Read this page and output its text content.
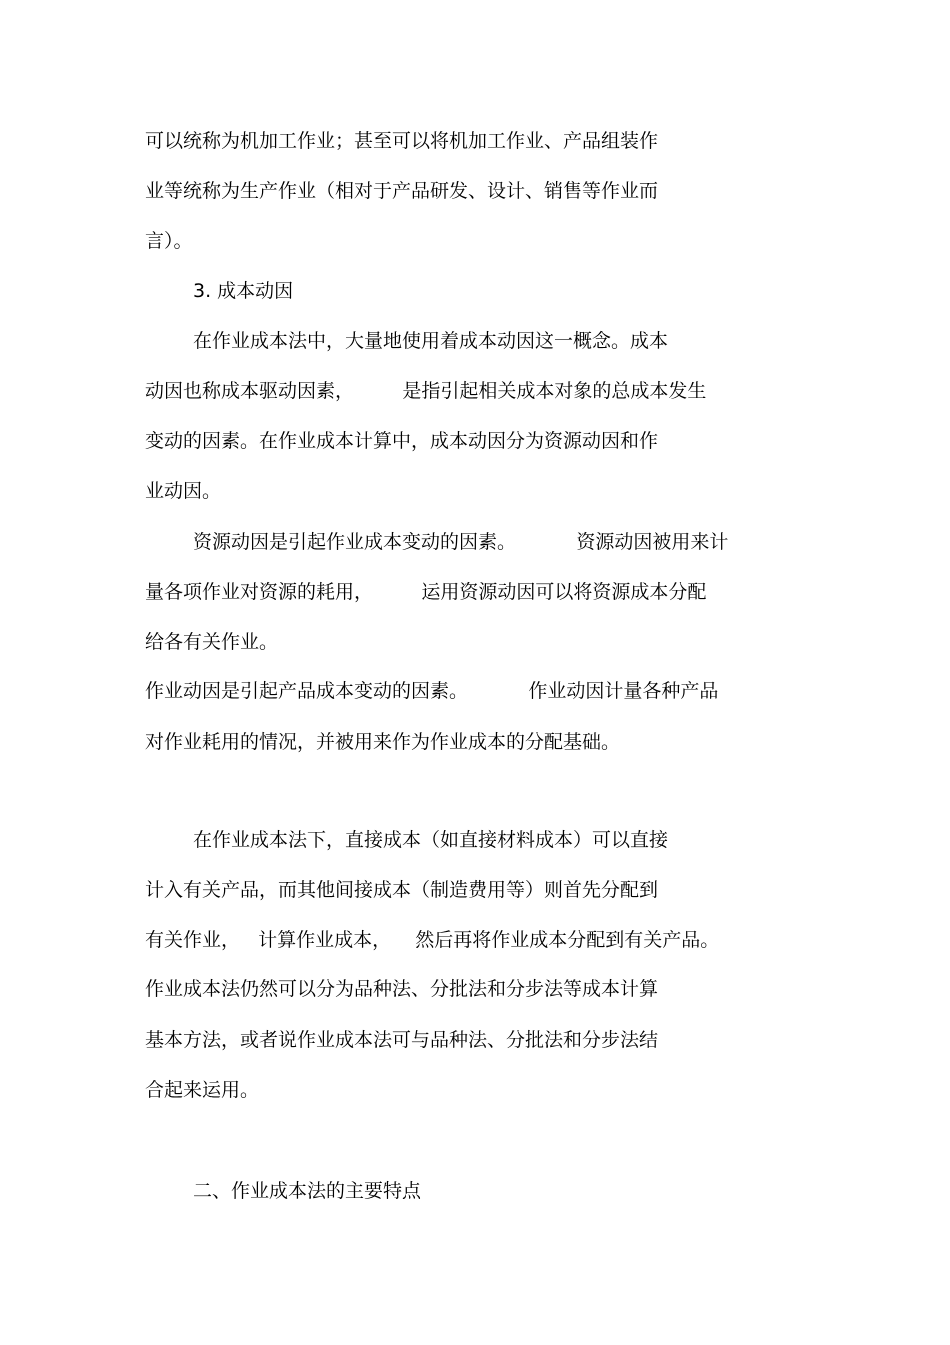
可以统称为机加工作业；甚至可以将机加工作业、产品组装作
业等统称为生产作业（相对于产品研发、设计、销售等作业而
言）。
3. 成本动因
在作业成本法中，大量地使用着成本动因这一概念。成本
动因也称成本驱动因素，        是指引起相关成本对象的总成本发生
变动的因素。在作业成本计算中，成本动因分为资源动因和作
业动因。
资源动因是引起作业成本变动的因素。          资源动因被用来计
量各项作业对资源的耗用，        运用资源动因可以将资源成本分配
给各有关作业。
作业动因是引起产品成本变动的因素。          作业动因计量各种产品
对作业耗用的情况，并被用来作为作业成本的分配基础。
在作业成本法下，直接成本（如直接材料成本）可以直接
计入有关产品，而其他间接成本（制造费用等）则首先分配到
有关作业，   计算作业成本，    然后再将作业成本分配到有关产品。
作业成本法仍然可以分为品种法、分批法和分步法等成本计算
基本方法，或者说作业成本法可与品种法、分批法和分步法结
合起来运用。
二、作业成本法的主要特点
